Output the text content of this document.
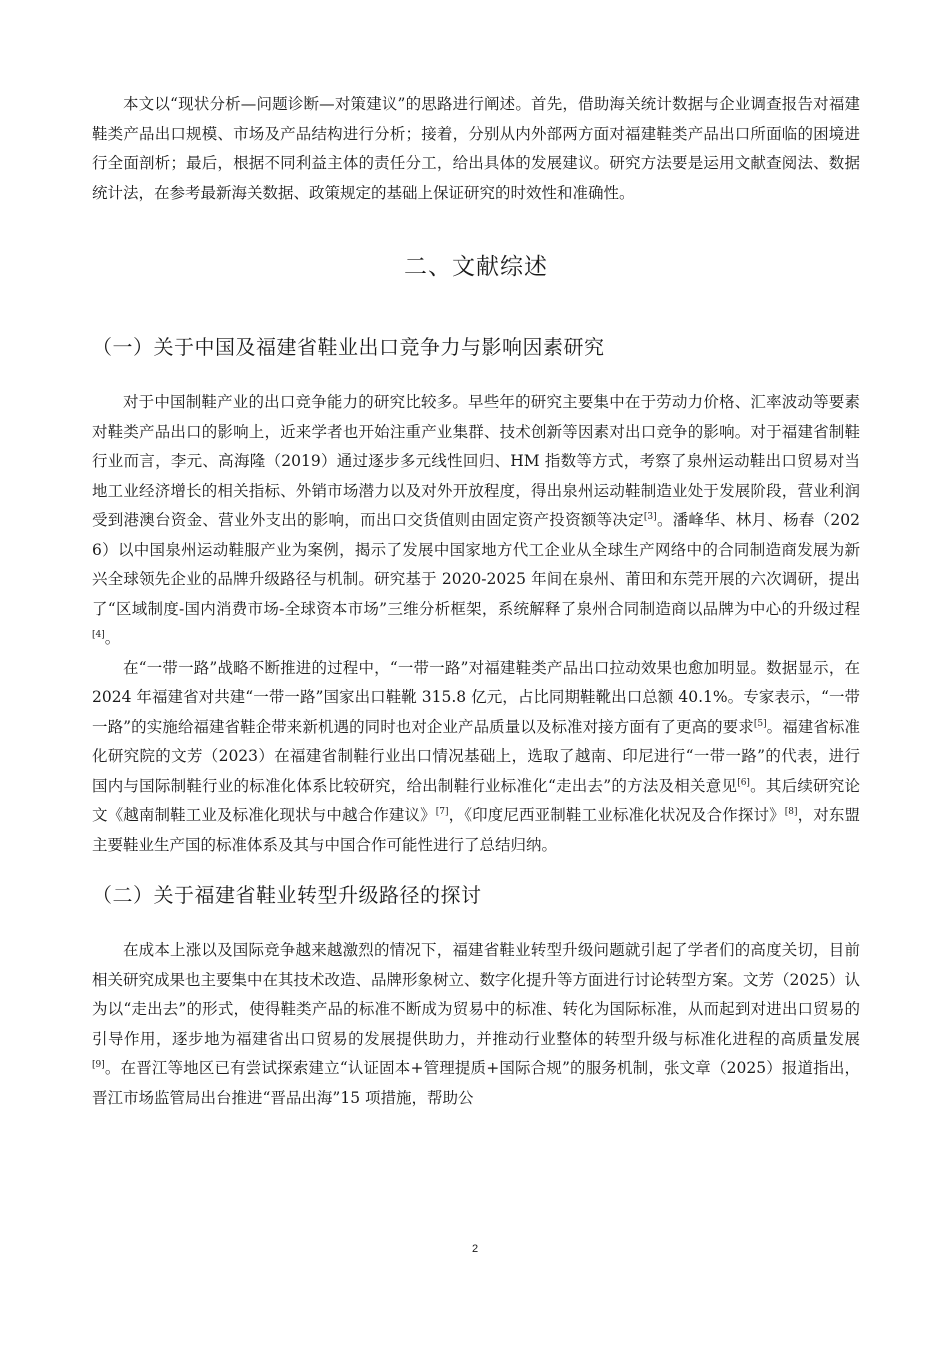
本文以“现状分析—问题诊断—对策建议”的思路进行阐述。首先，借助海关统计数据与企业调查报告对福建鞋类产品出口规模、市场及产品结构进行分析；接着，分别从内外部两方面对福建鞋类产品出口所面临的困境进行全面剖析；最后，根据不同利益主体的责任分工，给出具体的发展建议。研究方法要是运用文献查阅法、数据统计法，在参考最新海关数据、政策规定的基础上保证研究的时效性和准确性。

二、文献综述
（一）关于中国及福建省鞋业出口竞争力与影响因素研究

对于中国制鞋产业的出口竞争能力的研究比较多。早些年的研究主要集中在于劳动力价格、汇率波动等要素对鞋类产品出口的影响上，近来学者也开始注重产业集群、技术创新等因素对出口竞争的影响。对于福建省制鞋行业而言，李元、高海隆（2019）通过逐步多元线性回归、HM 指数等方式，考察了泉州运动鞋出口贸易对当地工业经济增长的相关指标、外销市场潜力以及对外开放程度，得出泉州运动鞋制造业处于发展阶段，营业利润受到港澳台资金、营业外支出的影响，而出口交货值则由固定资产投资额等决定[3]。潘峰华、林月、杨春（2026）以中国泉州运动鞋服产业为案例，揭示了发展中国家地方代工企业从全球生产网络中的合同制造商发展为新兴全球领先企业的品牌升级路径与机制。研究基于 2020-2025 年间在泉州、莆田和东莞开展的六次调研，提出了“区域制度-国内消费市场-全球资本市场”三维分析框架，系统解释了泉州合同制造商以品牌为中心的升级过程[4]。

在“一带一路”战略不断推进的过程中，“一带一路”对福建鞋类产品出口拉动效果也愈加明显。数据显示，在 2024 年福建省对共建“一带一路”国家出口鞋靴 315.8 亿元，占比同期鞋靴出口总额 40.1%。专家表示，“一带一路”的实施给福建省鞋企带来新机遇的同时也对企业产品质量以及标准对接方面有了更高的要求[5]。福建省标准化研究院的文芳（2023）在福建省制鞋行业出口情况基础上，选取了越南、印尼进行“一带一路”的代表，进行国内与国际制鞋行业的标准化体系比较研究，给出制鞋行业标准化“走出去”的方法及相关意见[6]。其后续研究论文《越南制鞋工业及标准化现状与中越合作建议》[7]，《印度尼西亚制鞋工业标准化状况及合作探讨》[8]，对东盟主要鞋业生产国的标准体系及其与中国合作可能性进行了总结归纳。

（二）关于福建省鞋业转型升级路径的探讨

在成本上涨以及国际竞争越来越激烈的情况下，福建省鞋业转型升级问题就引起了学者们的高度关切，目前相关研究成果也主要集中在其技术改造、品牌形象树立、数字化提升等方面进行讨论转型方案。文芳（2025）认为以“走出去”的形式，使得鞋类产品的标准不断成为贸易中的标准、转化为国际标准，从而起到对进出口贸易的引导作用，逐步地为福建省出口贸易的发展提供助力，并推动行业整体的转型升级与标准化进程的高质量发展[9]。在晋江等地区已有尝试探索建立“认证固本+管理提质+国际合规”的服务机制，张文章（2025）报道指出，晋江市场监管局出台推进“晋品出海”15 项措施，帮助公

2
